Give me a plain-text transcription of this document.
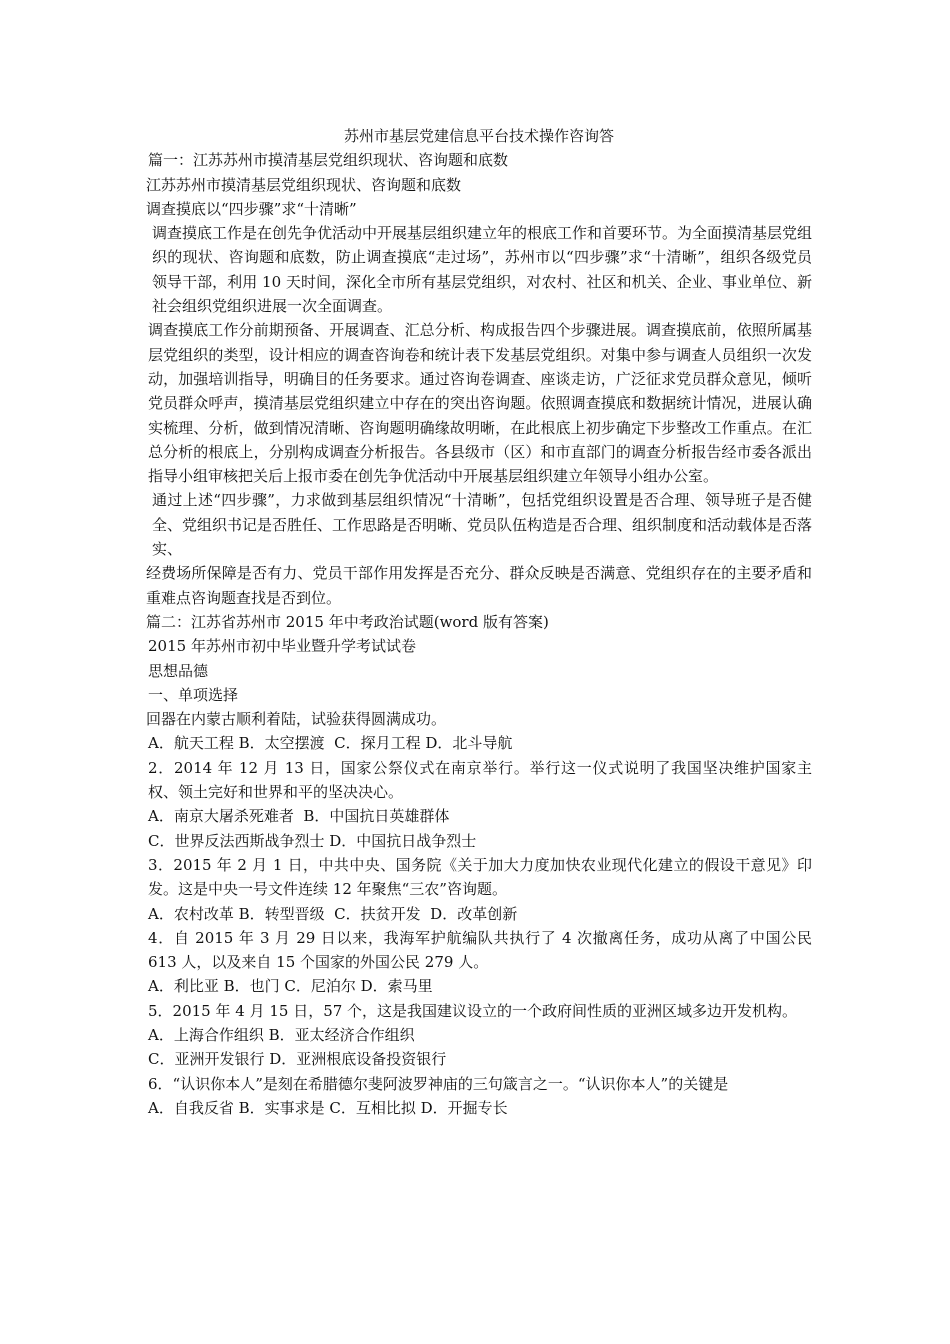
苏州市基层党建信息平台技术操作咨询答

篇一：江苏苏州市摸清基层党组织现状、咨询题和底数

江苏苏州市摸清基层党组织现状、咨询题和底数

调查摸底以“四步骤”求“十清晰”

调查摸底工作是在创先争优活动中开展基层组织建立年的根底工作和首要环节。为全面摸清基层党组织的现状、咨询题和底数，防止调查摸底“走过场”，苏州市以“四步骤”求“十清晰”，组织各级党员领导干部，利用 10 天时间，深化全市所有基层党组织，对农村、社区和机关、企业、事业单位、新社会组织党组织进展一次全面调查。

调查摸底工作分前期预备、开展调查、汇总分析、构成报告四个步骤进展。调查摸底前，依照所属基层党组织的类型，设计相应的调查咨询卷和统计表下发基层党组织。对集中参与调查人员组织一次发动，加强培训指导，明确目的任务要求。通过咨询卷调查、座谈走访，广泛征求党员群众意见，倾听党员群众呼声，摸清基层党组织建立中存在的突出咨询题。依照调查摸底和数据统计情况，进展认确实梳理、分析，做到情况清晰、咨询题明确缘故明晰，在此根底上初步确定下步整改工作重点。在汇总分析的根底上，分别构成调查分析报告。各县级市（区）和市直部门的调查分析报告经市委各派出指导小组审核把关后上报市委在创先争优活动中开展基层组织建立年领导小组办公室。

通过上述“四步骤”，力求做到基层组织情况“十清晰”，包括党组织设置是否合理、领导班子是否健全、党组织书记是否胜任、工作思路是否明晰、党员队伍构造是否合理、组织制度和活动载体是否落实、

经费场所保障是否有力、党员干部作用发挥是否充分、群众反映是否满意、党组织存在的主要矛盾和重难点咨询题查找是否到位。

篇二：江苏省苏州市 2015 年中考政治试题(word 版有答案)

2015 年苏州市初中毕业暨升学考试试卷

思想品德

一、单项选择

回器在内蒙古顺利着陆，试验获得圆满成功。

A．航天工程 B．太空摆渡  C．探月工程 D．北斗导航

2．2014 年 12 月 13 日，国家公祭仪式在南京举行。举行这一仪式说明了我国坚决维护国家主权、领土完好和世界和平的坚决决心。

A．南京大屠杀死难者  B．中国抗日英雄群体

C．世界反法西斯战争烈士 D．中国抗日战争烈士

3．2015 年 2 月 1 日，中共中央、国务院《关于加大力度加快农业现代化建立的假设干意见》印发。这是中央一号文件连续 12 年聚焦“三农”咨询题。

A．农村改革 B．转型晋级  C．扶贫开发  D．改革创新

4．自 2015 年 3 月 29 日以来，我海军护航编队共执行了 4 次撤离任务，成功从离了中国公民 613 人，以及来自 15 个国家的外国公民 279 人。

A．利比亚 B．也门 C．尼泊尔 D．索马里

5．2015 年 4 月 15 日，57 个，这是我国建议设立的一个政府间性质的亚洲区域多边开发机构。

A．上海合作组织 B．亚太经济合作组织

C．亚洲开发银行 D．亚洲根底设备投资银行

6．“认识你本人”是刻在希腊德尔斐阿波罗神庙的三句箴言之一。“认识你本人”的关键是

A．自我反省 B．实事求是 C．互相比拟 D．开掘专长
